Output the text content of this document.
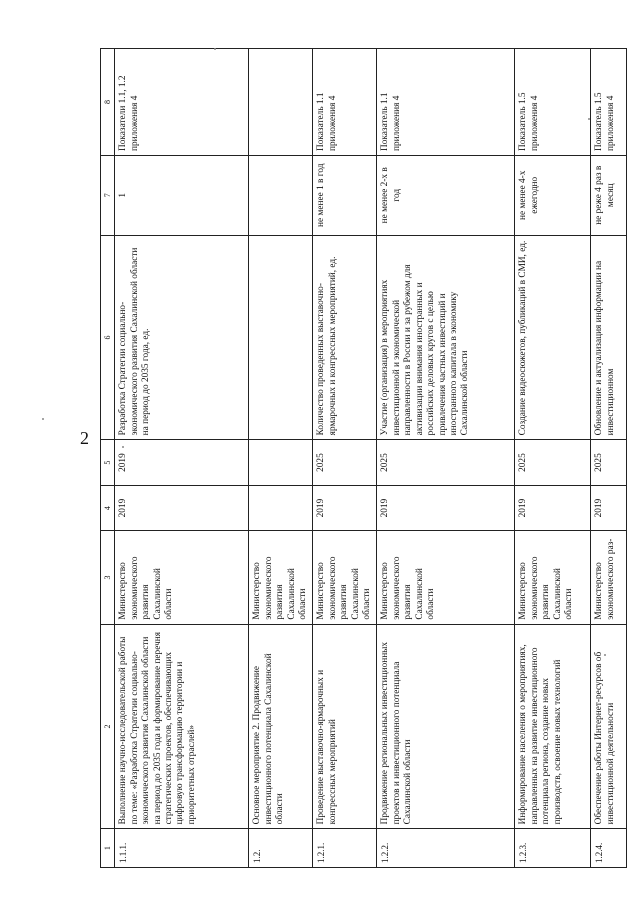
2
1	2	3	4	5	6	7	8
1.1.1.	Выполнение научно-исследовательской работы по теме: «Разработка Стратегии социально-экономического развития Сахалинской области на период до 2035 года и формирование перечня стратегических проектов, обеспечивающих цифровую трансформацию территории и приоритетных отраслей»	Министерство экономического развития Сахалинской области	2019	2019	Разработка Стратегии социально-экономического развития Сахалинской области на период до 2035 года, ед.	1	Показатели 1.1, 1.2 приложения 4
1.2.	Основное мероприятие 2. Продвижение инвестиционного потенциала Сахалинской области	Министерство экономического развития Сахалинской области					
1.2.1.	Проведение выставочно-ярмарочных и конгрессных мероприятий	Министерство экономического развития Сахалинской области	2019	2025	Количество проведенных выставочно-ярмарочных и конгрессных мероприятий, ед.	не менее 1 в год	Показатель 1.1 приложения 4
1.2.2.	Продвижение региональных инвестиционных проектов и инвестиционного потенциала Сахалинской области	Министерство экономического развития Сахалинской области	2019	2025	Участие (организация) в мероприятиях инвестиционной и экономической направленности в России и за рубежом для активизации внимания иностранных и российских деловых кругов с целью привлечения частных инвестиций и иностранного капитала в экономику Сахалинской области	не менее 2-х в год	Показатель 1.1 приложения 4
1.2.3.	Информирование населения о мероприятиях, направленных на развитие инвестиционного потенциала региона, создание новых производств, освоение новых технологий	Министерство экономического развития Сахалинской области	2019	2025	Создание видеосюжетов, публикаций в СМИ, ед.	не менее 4-х ежегодно	Показатель 1.5 приложения 4
1.2.4.	Обеспечение работы Интернет-ресурсов об инвестиционной деятельности	Министерство экономического раз-	2019	2025	Обновление и актуализация информации на инвестиционном	не реже 4 раз в месяц	Показатель 1.5 приложения 4
